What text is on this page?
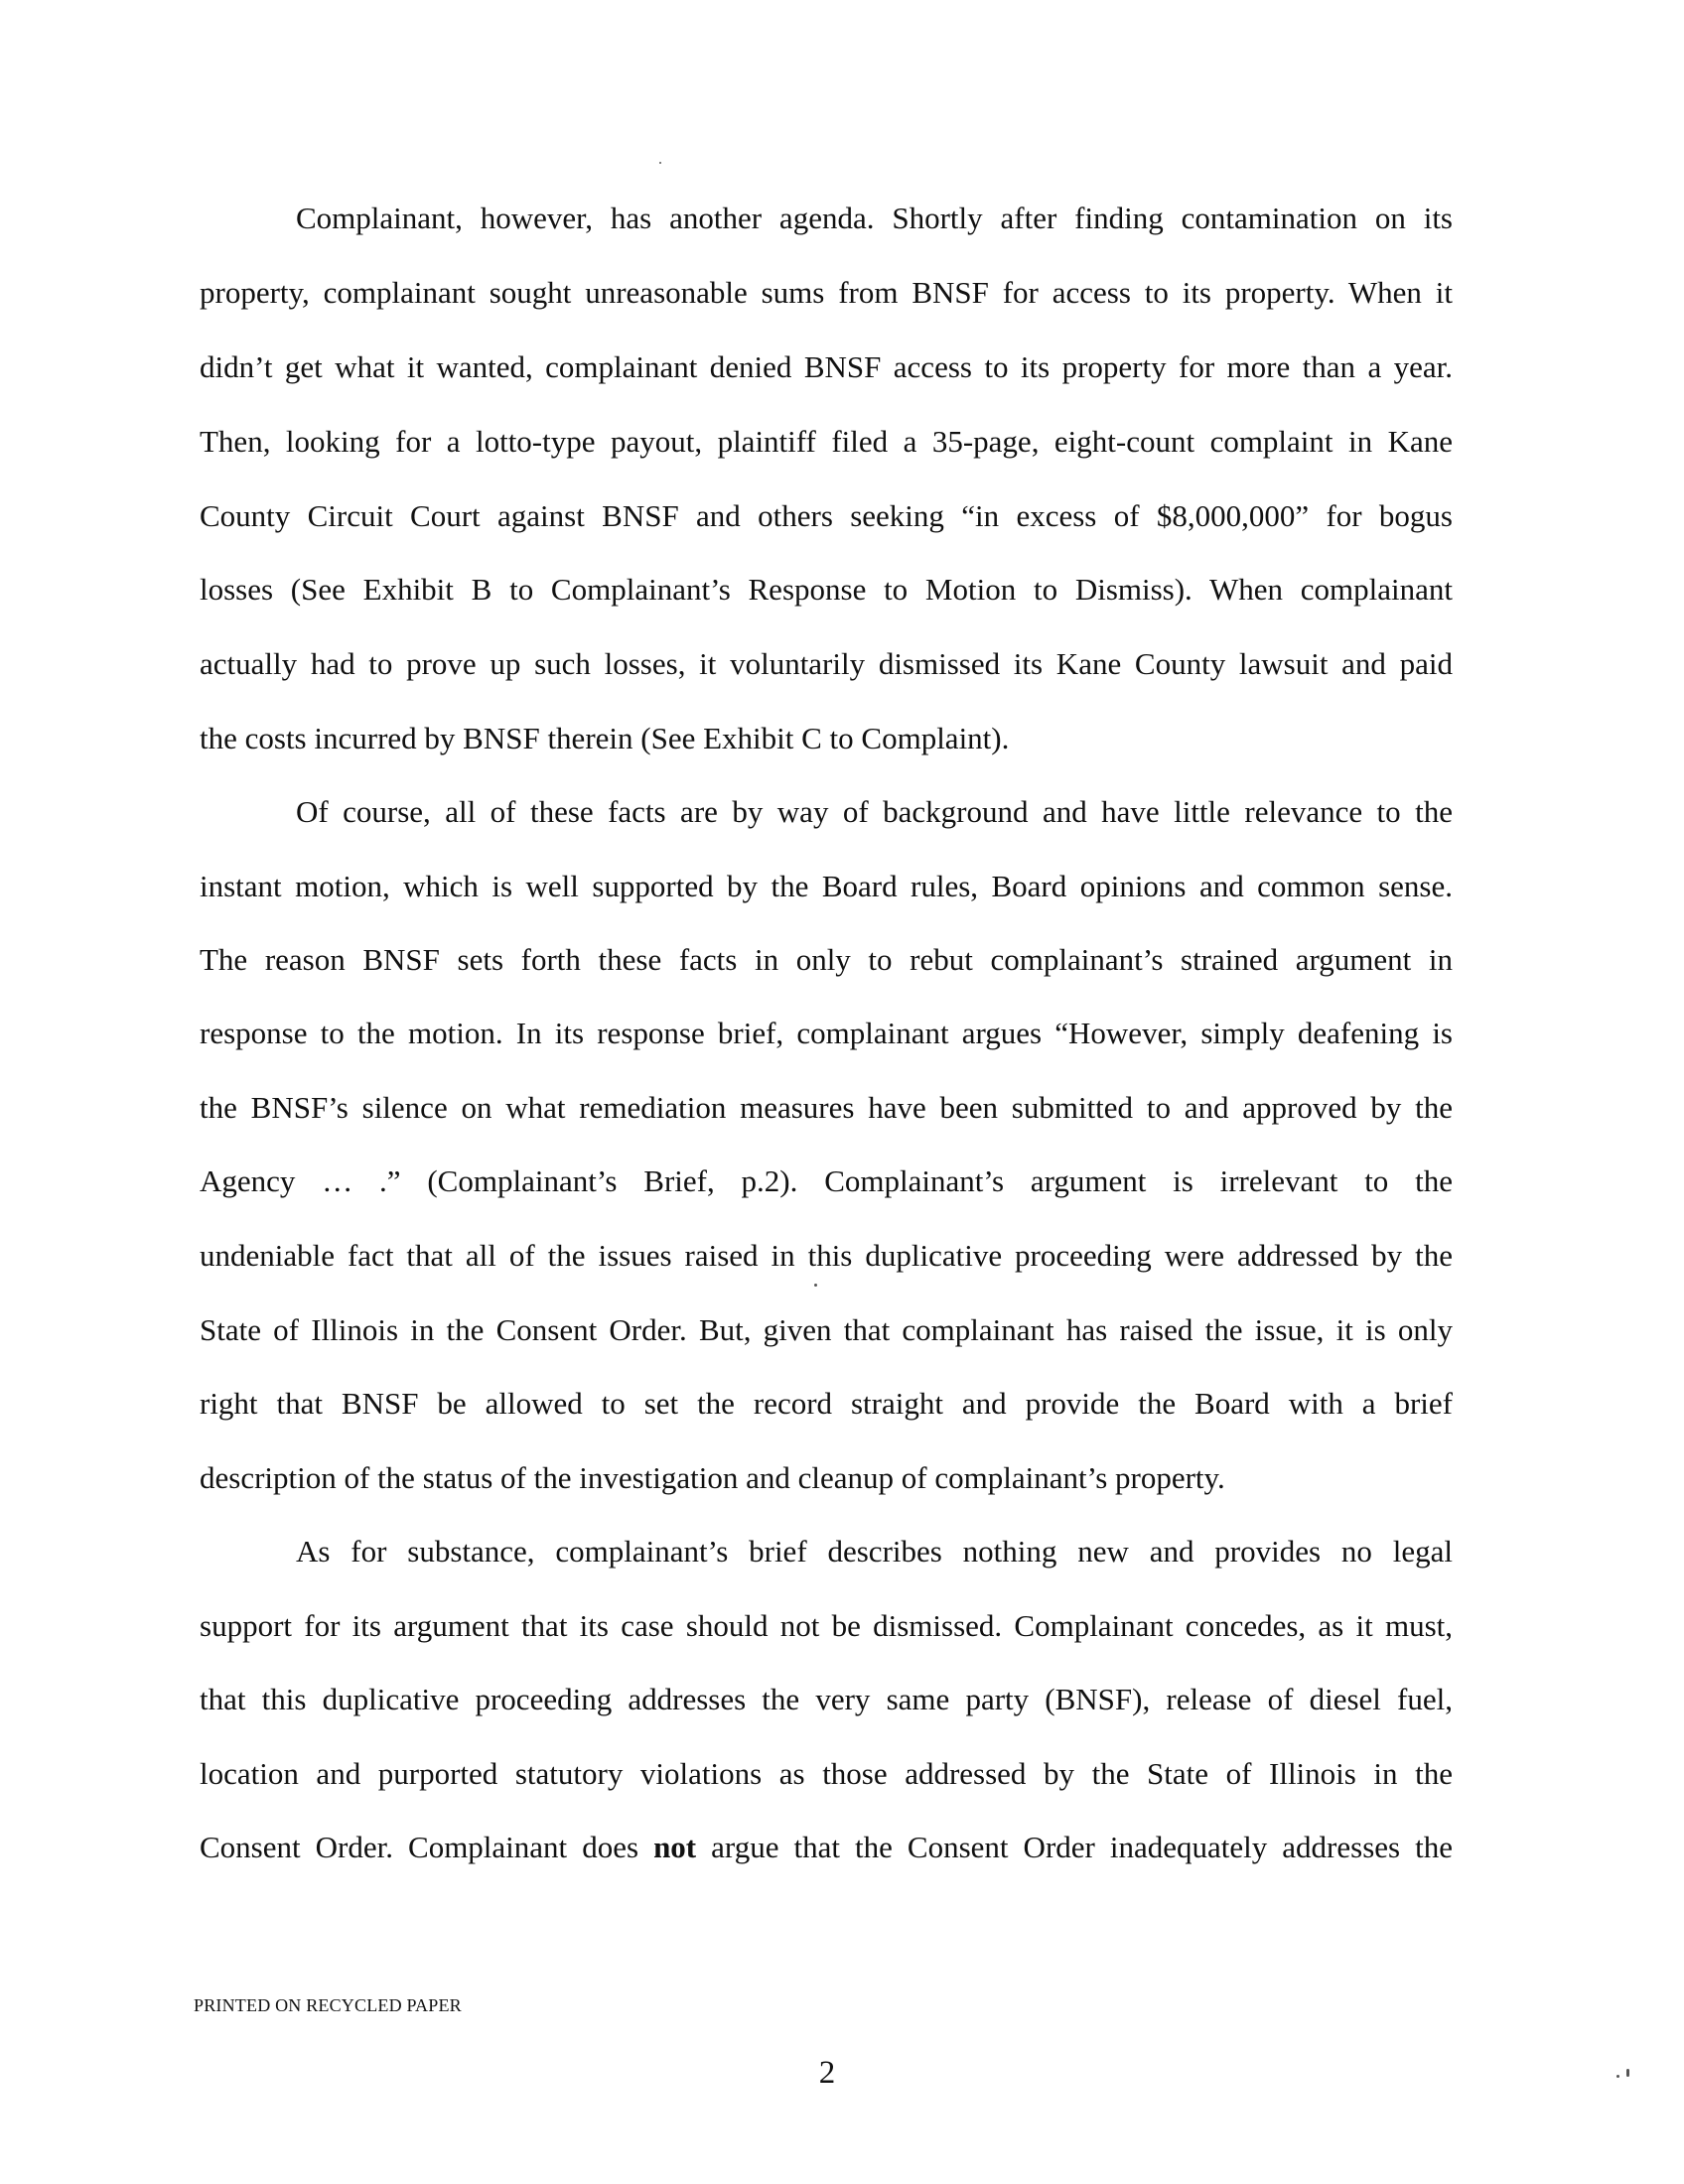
Complainant, however, has another agenda. Shortly after finding contamination on its
property, complainant sought unreasonable sums from BNSF for access to its property. When it
didn’t get what it wanted, complainant denied BNSF access to its property for more than a year.
Then, looking for a lotto-type payout, plaintiff filed a 35-page, eight-count complaint in Kane
County Circuit Court against BNSF and others seeking “in excess of $8,000,000” for bogus
losses (See Exhibit B to Complainant’s Response to Motion to Dismiss). When complainant
actually had to prove up such losses, it voluntarily dismissed its Kane County lawsuit and paid
the costs incurred by BNSF therein (See Exhibit C to Complaint).
Of course, all of these facts are by way of background and have little relevance to the
instant motion, which is well supported by the Board rules, Board opinions and common sense.
The reason BNSF sets forth these facts in only to rebut complainant’s strained argument in
response to the motion. In its response brief, complainant argues “However, simply deafening is
the BNSF’s silence on what remediation measures have been submitted to and approved by the
Agency … .” (Complainant’s Brief, p.2). Complainant’s argument is irrelevant to the
undeniable fact that all of the issues raised in this duplicative proceeding were addressed by the
State of Illinois in the Consent Order. But, given that complainant has raised the issue, it is only
right that BNSF be allowed to set the record straight and provide the Board with a brief
description of the status of the investigation and cleanup of complainant’s property.
As for substance, complainant’s brief describes nothing new and provides no legal
support for its argument that its case should not be dismissed. Complainant concedes, as it must,
that this duplicative proceeding addresses the very same party (BNSF), release of diesel fuel,
location and purported statutory violations as those addressed by the State of Illinois in the
Consent Order. Complainant does not argue that the Consent Order inadequately addresses the
PRINTED ON RECYCLED PAPER
2
